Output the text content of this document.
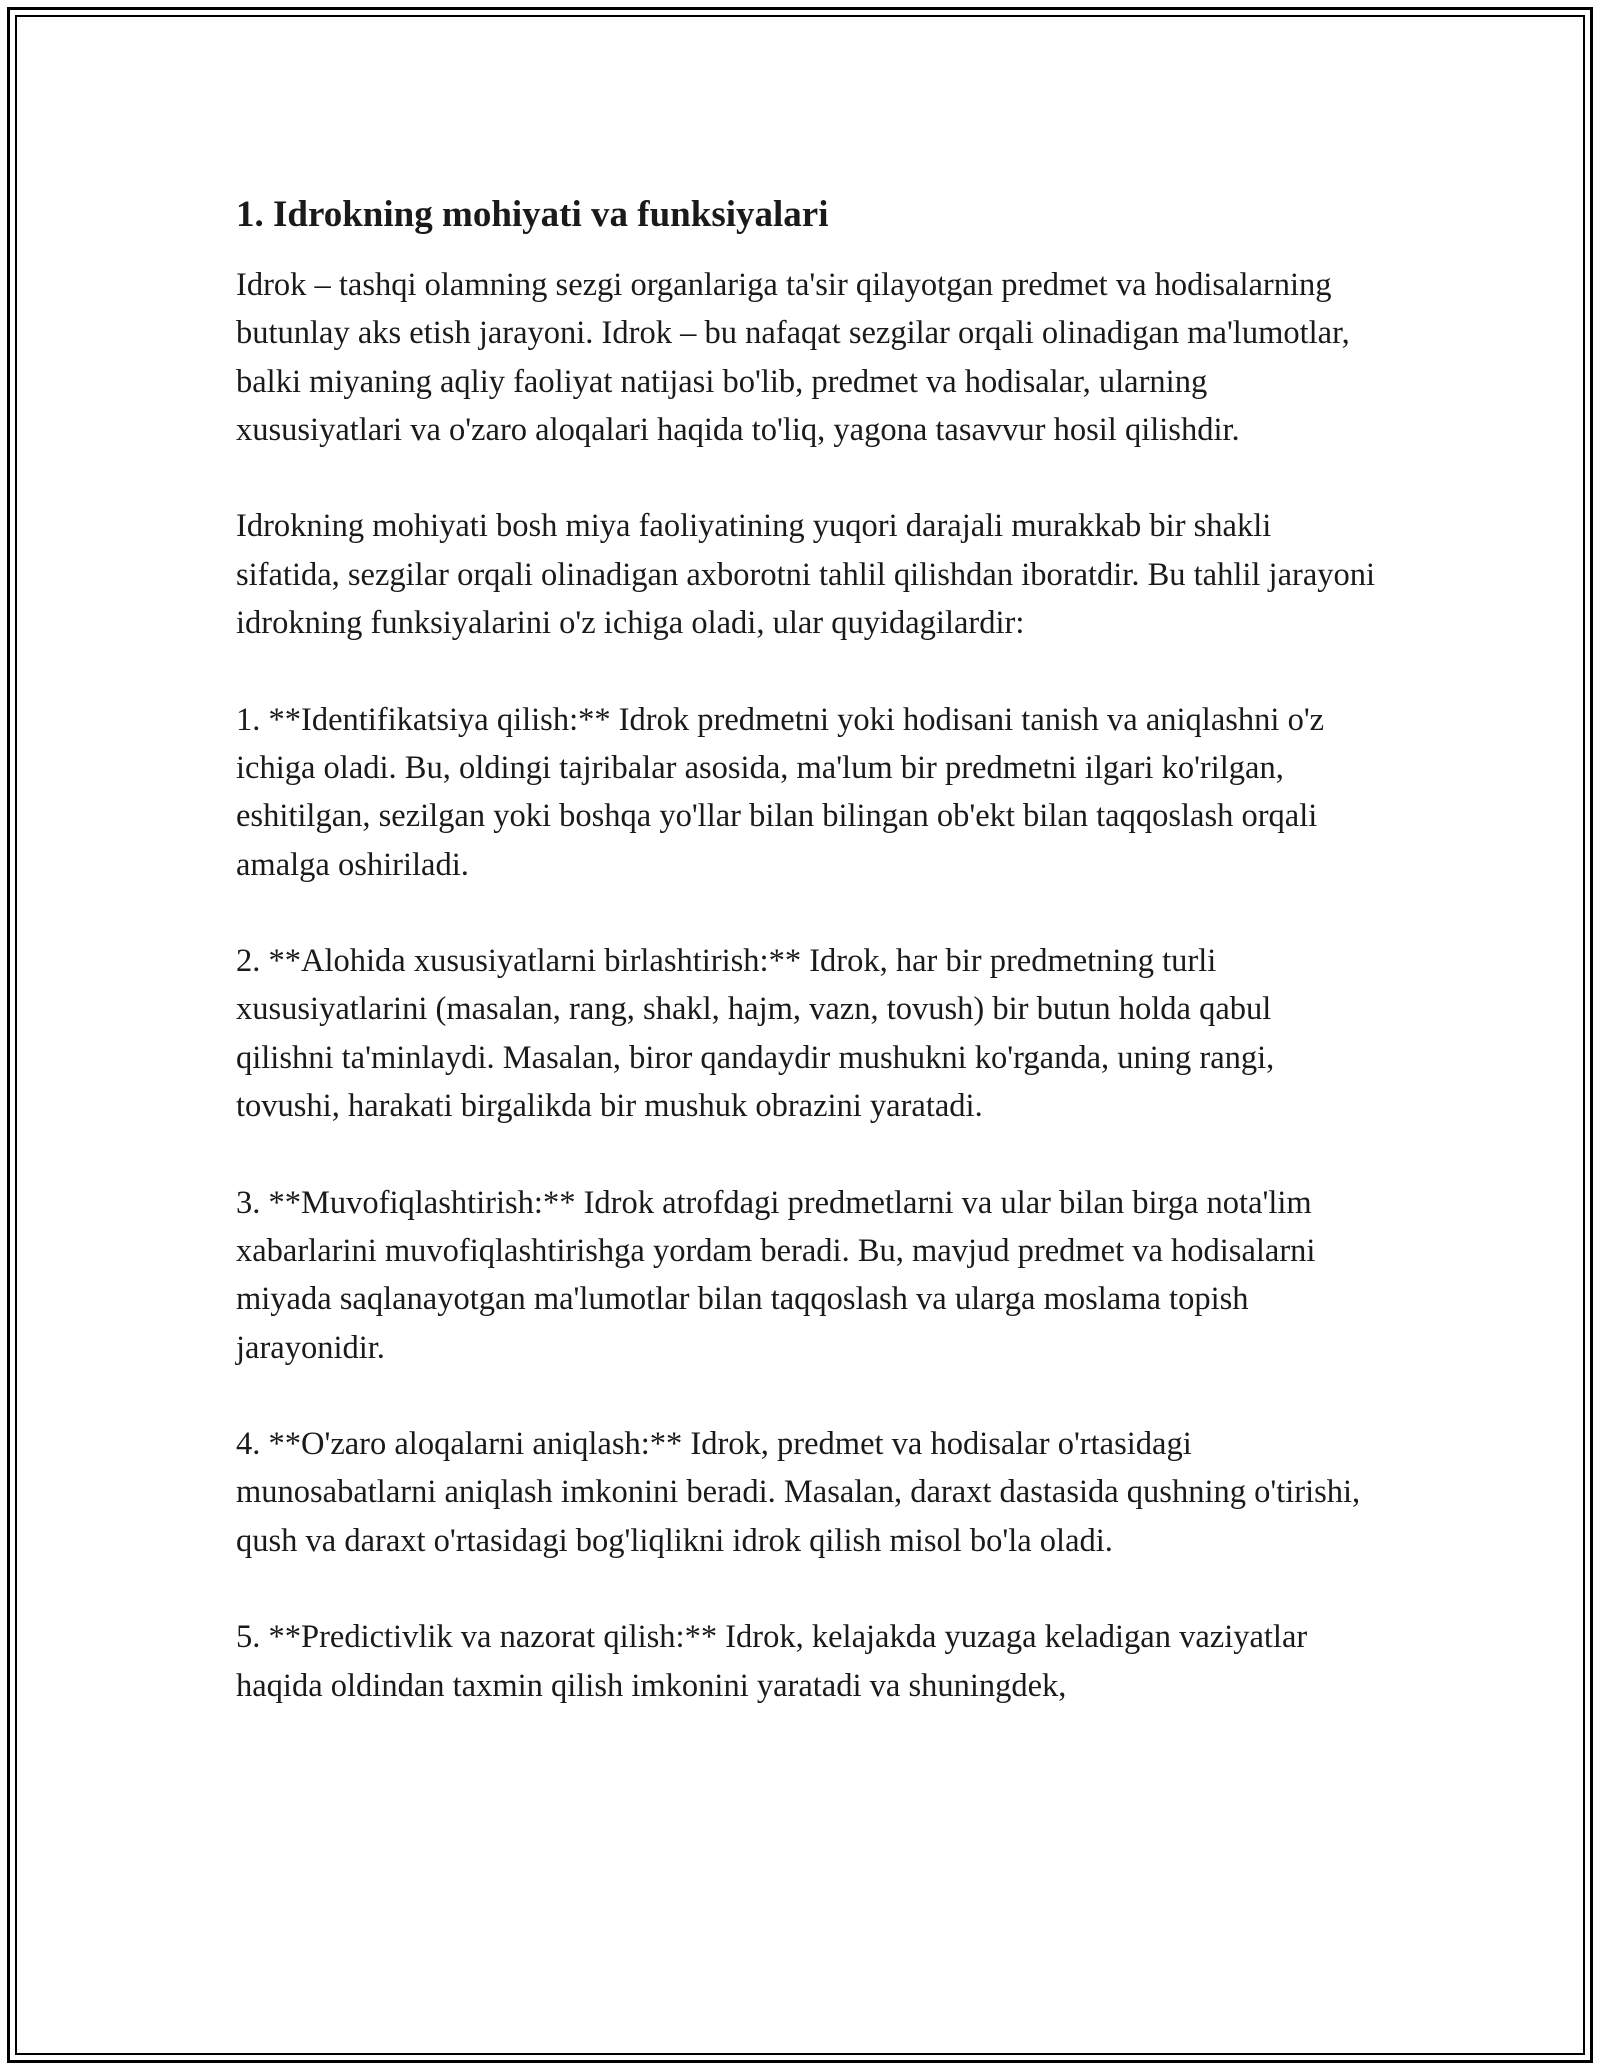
1. Idrokning mohiyati va funksiyalari

Idrok – tashqi olamning sezgi organlariga ta'sir qilayotgan predmet va hodisalarning butunlay aks etish jarayoni. Idrok – bu nafaqat sezgilar orqali olinadigan ma'lumotlar, balki miyaning aqliy faoliyat natijasi bo'lib, predmet va hodisalar, ularning xususiyatlari va o'zaro aloqalari haqida to'liq, yagona tasavvur hosil qilishdir.

Idrokning mohiyati bosh miya faoliyatining yuqori darajali murakkab bir shakli sifatida, sezgilar orqali olinadigan axborotni tahlil qilishdan iboratdir. Bu tahlil jarayoni idrokning funksiyalarini o'z ichiga oladi, ular quyidagilardir:

1. **Identifikatsiya qilish:** Idrok predmetni yoki hodisani tanish va aniqlashni o'z ichiga oladi. Bu, oldingi tajribalar asosida, ma'lum bir predmetni ilgari ko'rilgan, eshitilgan, sezilgan yoki boshqa yo'llar bilan bilingan ob'ekt bilan taqqoslash orqali amalga oshiriladi.

2. **Alohida xususiyatlarni birlashtirish:** Idrok, har bir predmetning turli xususiyatlarini (masalan, rang, shakl, hajm, vazn, tovush) bir butun holda qabul qilishni ta'minlaydi. Masalan, biror qandaydir mushukni ko'rganda, uning rangi, tovushi, harakati birgalikda bir mushuk obrazini yaratadi.

3. **Muvofiqlashtirish:** Idrok atrofdagi predmetlarni va ular bilan birga nota'lim xabarlarini muvofiqlashtirishga yordam beradi. Bu, mavjud predmet va hodisalarni miyada saqlanayotgan ma'lumotlar bilan taqqoslash va ularga moslama topish jarayonidir.

4. **O'zaro aloqalarni aniqlash:** Idrok, predmet va hodisalar o'rtasidagi munosabatlarni aniqlash imkonini beradi. Masalan, daraxt dastasida qushning o'tirishi, qush va daraxt o'rtasidagi bog'liqlikni idrok qilish misol bo'la oladi.

5. **Predictivlik va nazorat qilish:** Idrok, kelajakda yuzaga keladigan vaziyatlar haqida oldindan taxmin qilish imkonini yaratadi va shuningdek,
